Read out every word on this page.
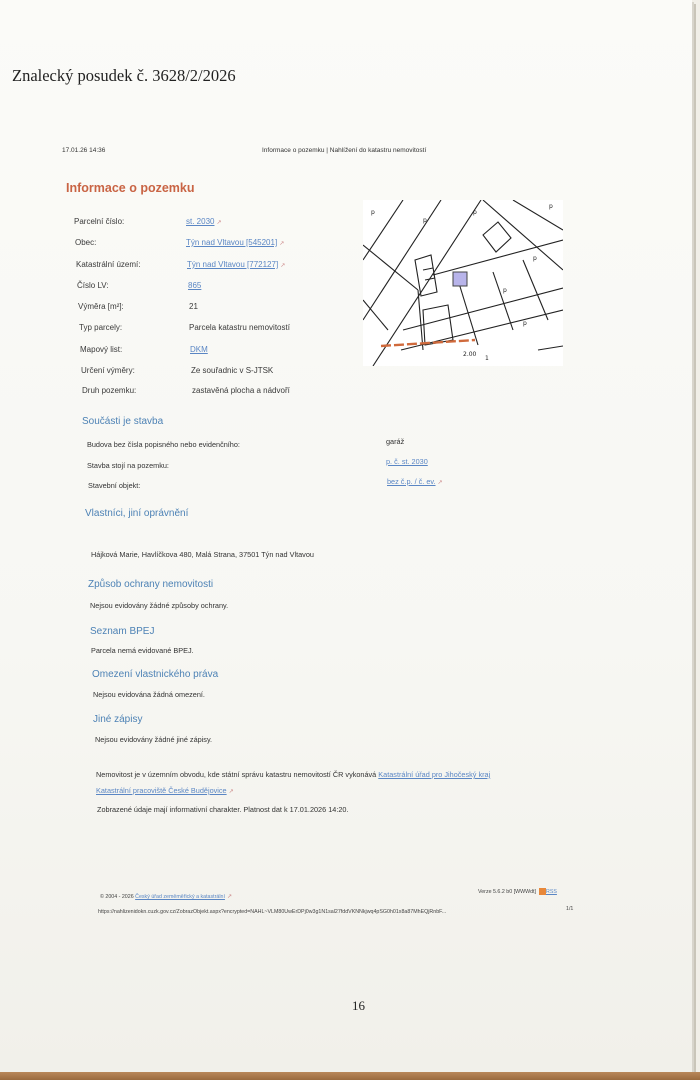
Znalecký posudek č. 3628/2/2026
17.01.26 14:36	Informace o pozemku | Nahlížení do katastru nemovitostí
Informace o pozemku
Parcelní číslo:	st. 2030 ↗
Obec:	Týn nad Vltavou [545201] ↗
Katastrální území:	Týn nad Vltavou [772127] ↗
Číslo LV:	865
Výměra [m²]:	21
Typ parcely:	Parcela katastru nemovitostí
Mapový list:	DKM
Určení výměry:	Ze souřadnic v S-JTSK
Druh pozemku:	zastavěná plocha a nádvoří
p
p
p
p
p
p
p
1
2.00
Součásti je stavba
Budova bez čísla popisného nebo evidenčního:	garáž
Stavba stojí na pozemku:	p. č. st. 2030
Stavební objekt:	bez č.p. / č. ev. ↗
Vlastníci, jiní oprávnění
Hájková Marie, Havlíčkova 480, Malá Strana, 37501 Týn nad Vltavou
Způsob ochrany nemovitosti
Nejsou evidovány žádné způsoby ochrany.
Seznam BPEJ
Parcela nemá evidované BPEJ.
Omezení vlastnického práva
Nejsou evidována žádná omezení.
Jiné zápisy
Nejsou evidovány žádné jiné zápisy.
Nemovitost je v územním obvodu, kde státní správu katastru nemovitostí ČR vykonává Katastrální úřad pro Jihočeský kraj
Katastrální pracoviště České Budějovice ↗
Zobrazené údaje mají informativní charakter. Platnost dat k 17.01.2026 14:20.
© 2004 - 2026 Český úřad zeměměřický a katastrální ↗
Verze 5.6.2 b0 [WWWdt] RSS
https://nahlizenidokn.cuzk.gov.cz/ZobrazObjekt.aspx?encrypted=NAHL~VLM80UwErDPj0w3g1N1sal27fddVKNNkjwq4pSG0h01x8a87MhEQjRnbF...	1/1
16
